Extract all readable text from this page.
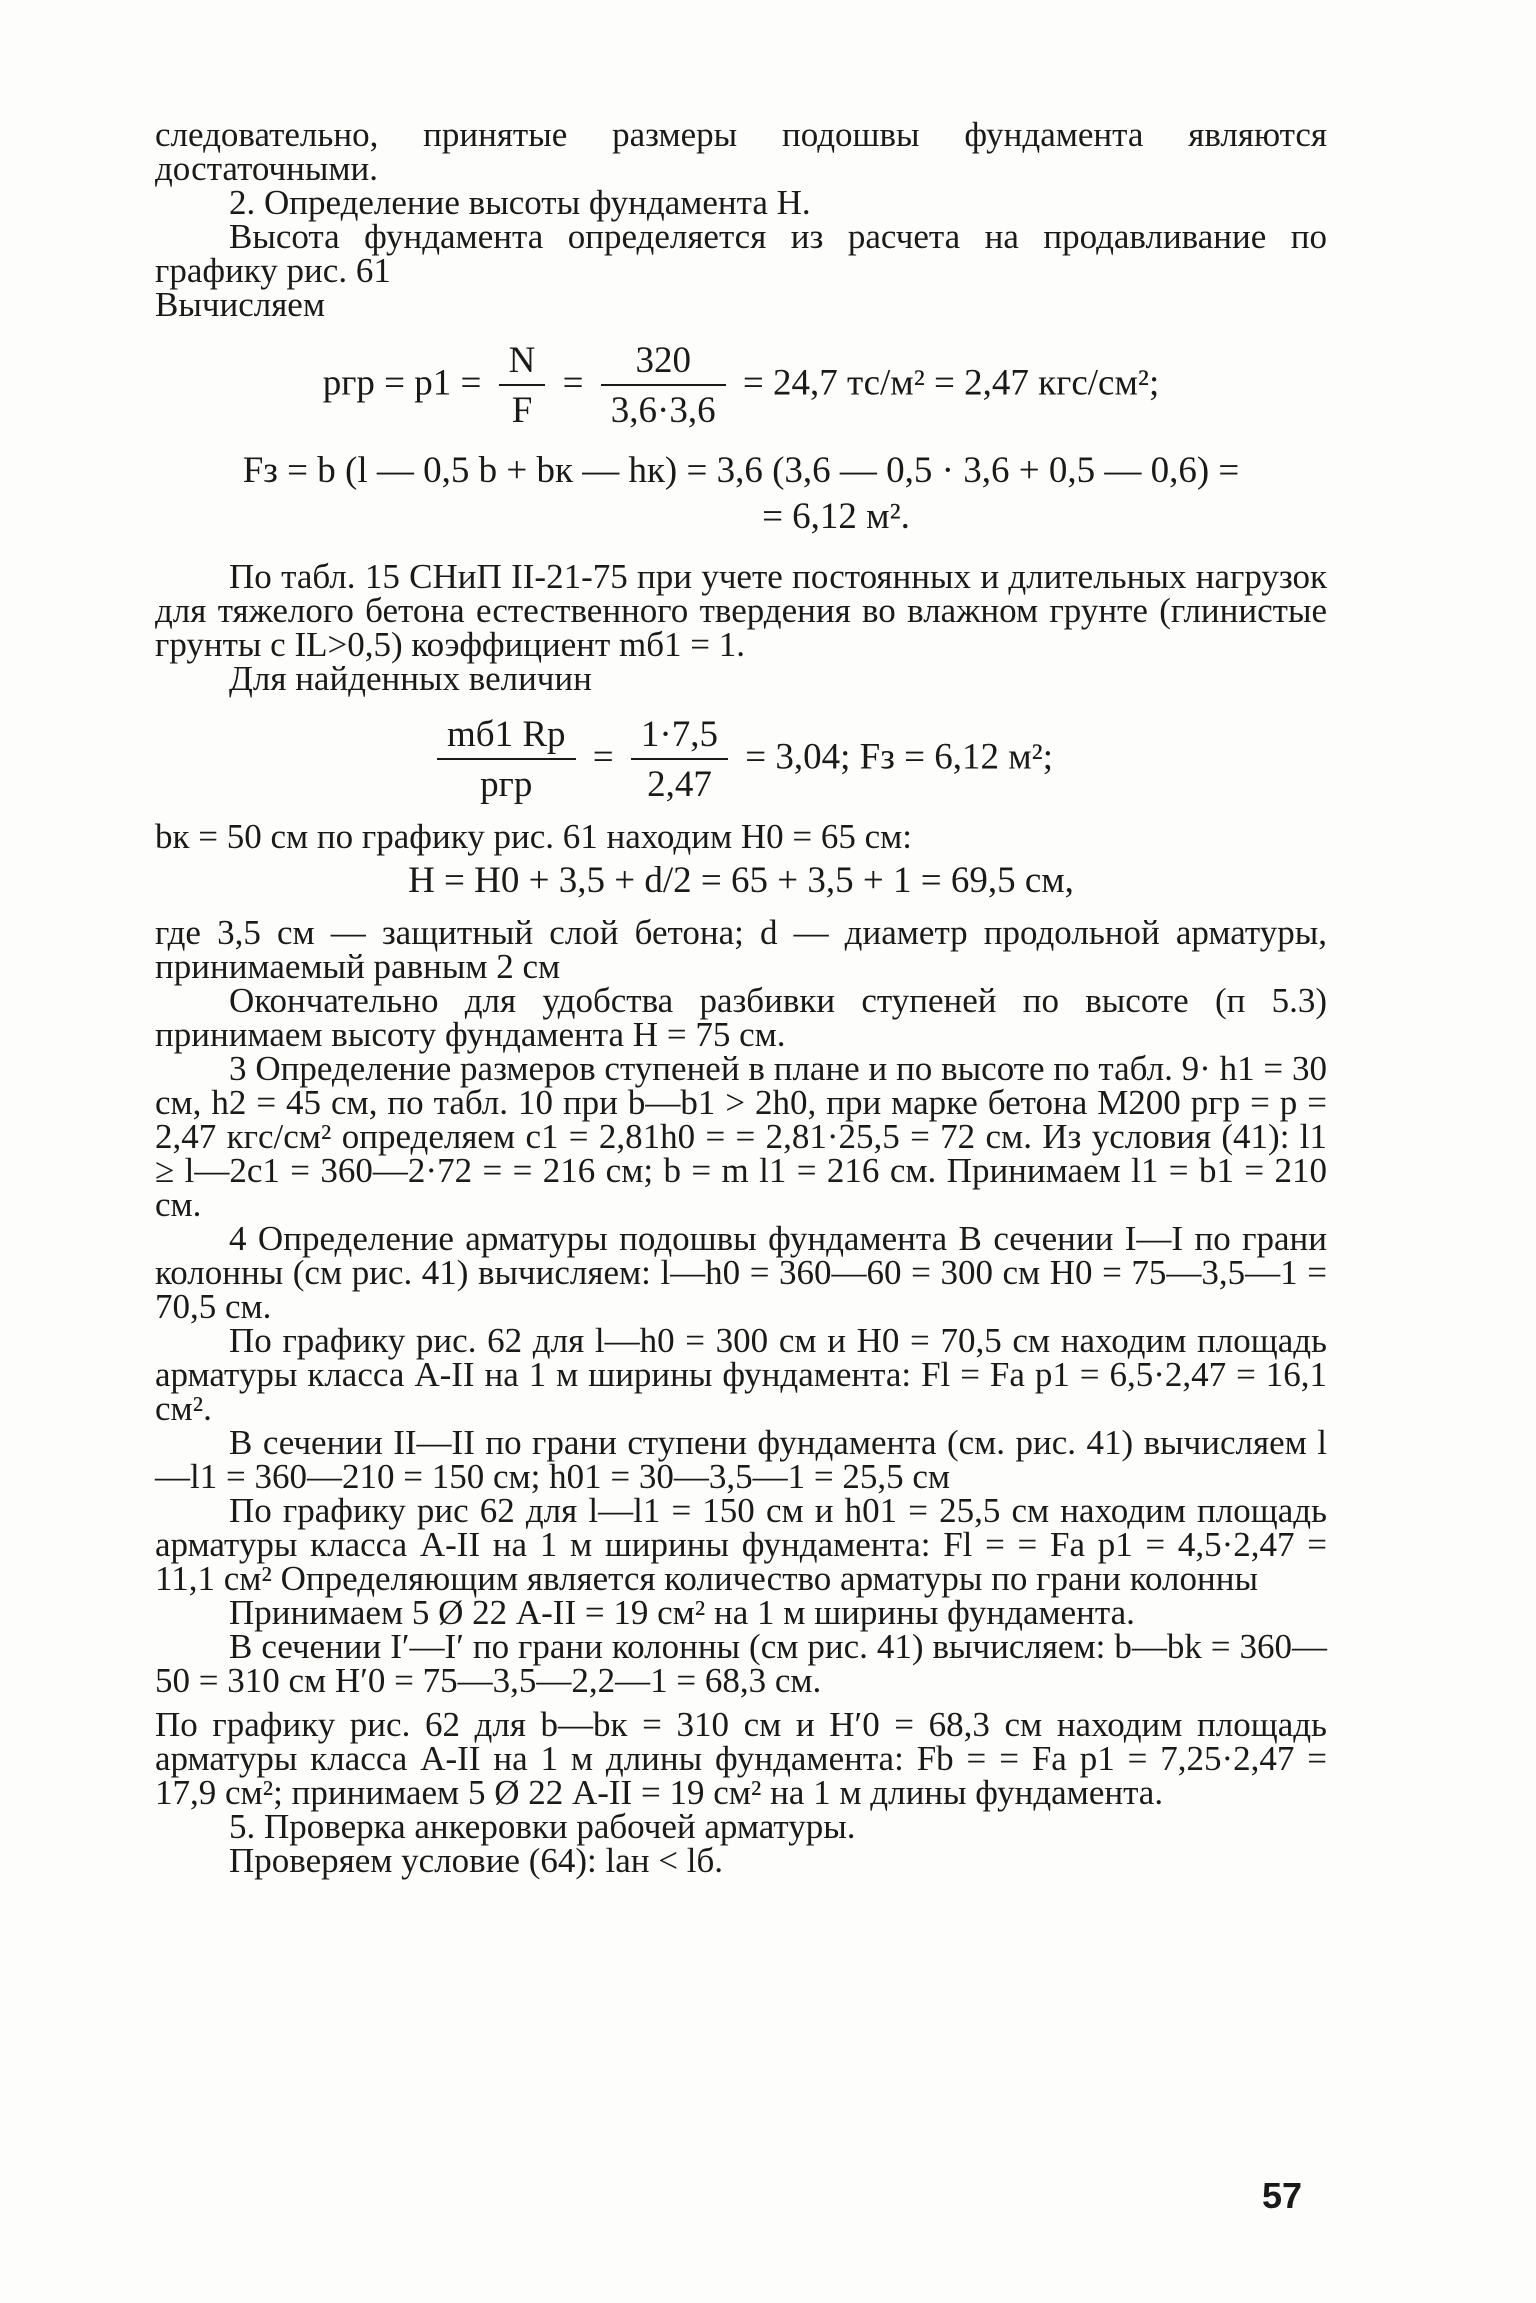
следовательно, принятые размеры подошвы фундамента являются достаточными.

2. Определение высоты фундамента H.

Высота фундамента определяется из расчета на продавливание по графику рис. 61

Вычисляем

pгр = $p1 = \frac{N}{F} = \frac{320}{3,6\cdot 3,6} = 24,7$ тс/м² = 2,47 кгс/см²;
Fз = b (l — 0,5 b + bк — hк) = 3,6 (3,6 — 0,5 · 3,6 + 0,5 — 0,6) =
= 6,12 м².

По табл. 15 СНиП II-21-75 при учете постоянных и длительных нагрузок для тяжелого бетона естественного твердения во влажном грунте (глинистые грунты с IL>0,5) коэффициент mб1 = 1.

Для найденных величин

$\frac{mб1 Rр}{\text{pгр}} = \frac{1\cdot 7,5}{2,47} = 3,04$; Fз = 6,12 м²;

bк = 50 см по графику рис. 61 находим H0 = 65 см:

H = H0 + 3,5 + d/2 = 65 + 3,5 + 1 = 69,5 см,

где 3,5 см — защитный слой бетона; d — диаметр продольной арматуры, принимаемый равным 2 см

Окончательно для удобства разбивки ступеней по высоте (п 5.3) принимаем высоту фундамента H = 75 см.

3 Определение размеров ступеней в плане и по высоте по табл. 9· h1 = 30 см, h2 = 45 см, по табл. 10 при b—b1 > 2h0, при марке бетона М200 pгр = p = 2,47 кгс/см² определяем c1 = 2,81h0 = = 2,81·25,5 = 72 см. Из условия (41): l1 ≥ l—2c1 = 360—2·72 = = 216 см; b = m l1 = 216 см. Принимаем l1 = b1 = 210 см.

4 Определение арматуры подошвы фундамента В сечении I—I по грани колонны (см рис. 41) вычисляем: l—h0 = 360—60 = 300 см H0 = 75—3,5—1 = 70,5 см.

По графику рис. 62 для l—h0 = 300 см и H0 = 70,5 см находим площадь арматуры класса А-II на 1 м ширины фундамента: Fl = Fa p1 = 6,5·2,47 = 16,1 см².

В сечении II—II по грани ступени фундамента (см. рис. 41) вычисляем l—l1 = 360—210 = 150 см; h01 = 30—3,5—1 = 25,5 см

По графику рис 62 для l—l1 = 150 см и h01 = 25,5 см находим площадь арматуры класса А-II на 1 м ширины фундамента: Fl = = Fa p1 = 4,5·2,47 = 11,1 см² Определяющим является количество арматуры по грани колонны

Принимаем 5 Ø 22 А-II = 19 см² на 1 м ширины фундамента.

В сечении I′—I′ по грани колонны (см рис. 41) вычисляем: b—bk = 360—50 = 310 см H′0 = 75—3,5—2,2—1 = 68,3 см.

По графику рис. 62 для b—bк = 310 см и H′0 = 68,3 см находим площадь арматуры класса А-II на 1 м длины фундамента: Fb = = Fa p1 = 7,25·2,47 = 17,9 см²; принимаем 5 Ø 22 А-II = 19 см² на 1 м длины фундамента.

5. Проверка анкеровки рабочей арматуры.

Проверяем условие (64): lан < lб.

57
